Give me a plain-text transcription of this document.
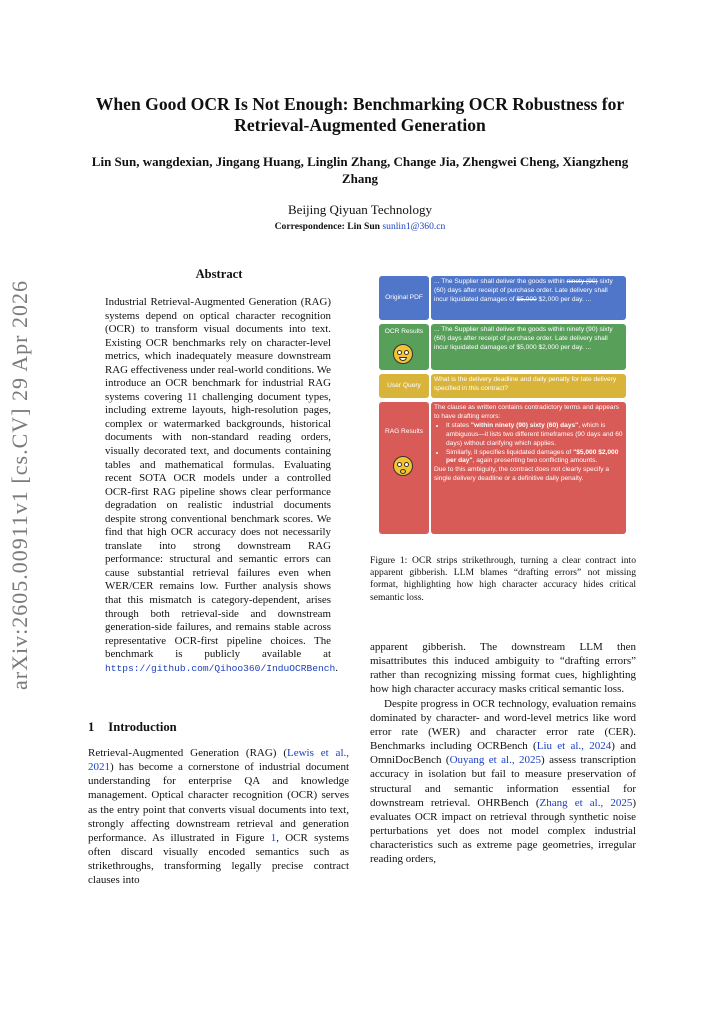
arXiv:2605.00911v1 [cs.CV] 29 Apr 2026
When Good OCR Is Not Enough: Benchmarking OCR Robustness for Retrieval-Augmented Generation
Lin Sun, wangdexian, Jingang Huang, Linglin Zhang, Change Jia, Zhengwei Cheng, Xiangzheng Zhang
Beijing Qiyuan Technology
Correspondence: Lin Sun sunlin1@360.cn
Abstract
Industrial Retrieval-Augmented Generation (RAG) systems depend on optical character recognition (OCR) to transform visual documents into text. Existing OCR benchmarks rely on character-level metrics, which inadequately measure downstream RAG effectiveness under real-world conditions. We introduce an OCR benchmark for industrial RAG systems covering 11 challenging document types, including extreme layouts, high-resolution pages, complex or watermarked backgrounds, historical documents with non-standard reading orders, visually decorated text, and documents containing tables and mathematical formulas. Evaluating recent SOTA OCR models under a controlled OCR-first RAG pipeline shows clear performance degradation on realistic industrial documents despite strong conventional benchmark scores. We find that high OCR accuracy does not necessarily translate into strong downstream RAG performance: structural and semantic errors can cause substantial retrieval failures even when WER/CER remains low. Further analysis shows that this mismatch is category-dependent, arises through both retrieval-side and downstream generation-side failures, and remains stable across representative OCR-first pipeline choices. The benchmark is publicly available at https://github.com/Qihoo360/InduOCRBench.
1 Introduction
Retrieval-Augmented Generation (RAG) (Lewis et al., 2021) has become a cornerstone of industrial document understanding for enterprise QA and knowledge management. Optical character recognition (OCR) serves as the entry point that converts visual documents into text, strongly affecting downstream retrieval and generation performance. As illustrated in Figure 1, OCR systems often discard visually encoded semantics such as strikethroughs, transforming legally precise contract clauses into
Original PDF
... The Supplier shall deliver the goods within ninety (90) sixty (60) days after receipt of purchase order. Late delivery shall incur liquidated damages of $5,000 $2,000 per day. ...
OCR Results	... The Supplier shall deliver the goods within ninety (90) sixty (60) days after receipt of purchase order. Late delivery shall incur liquidated damages of $5,000 $2,000 per day. ...
User Query
What is the delivery deadline and daily penalty for late delivery specified in this contract?
RAG Results
The clause as written contains contradictory terms and appears to have drafting errors:
• It states "within ninety (90) sixty (60) days", which is ambiguous—it lists two different timeframes (90 days and 60 days) without clarifying which applies.
• Similarly, it specifies liquidated damages of "$5,000 $2,000 per day", again presenting two conflicting amounts.
Due to this ambiguity, the contract does not clearly specify a single delivery deadline or a definitive daily penalty.
Figure 1: OCR strips strikethrough, turning a clear contract into apparent gibberish. LLM blames “drafting errors” not missing format, highlighting how high character accuracy hides critical semantic loss.

apparent gibberish. The downstream LLM then misattributes this induced ambiguity to “drafting errors” rather than recognizing missing format cues, highlighting how high character accuracy masks critical semantic loss.

Despite progress in OCR technology, evaluation remains dominated by character- and word-level metrics like word error rate (WER) and character error rate (CER). Benchmarks including OCRBench (Liu et al., 2024) and OmniDocBench (Ouyang et al., 2025) assess transcription accuracy in isolation but fail to measure preservation of structural and semantic information essential for downstream retrieval. OHRBench (Zhang et al., 2025) evaluates OCR impact on retrieval through synthetic noise perturbations yet does not model complex industrial characteristics such as extreme page geometries, irregular reading orders,
